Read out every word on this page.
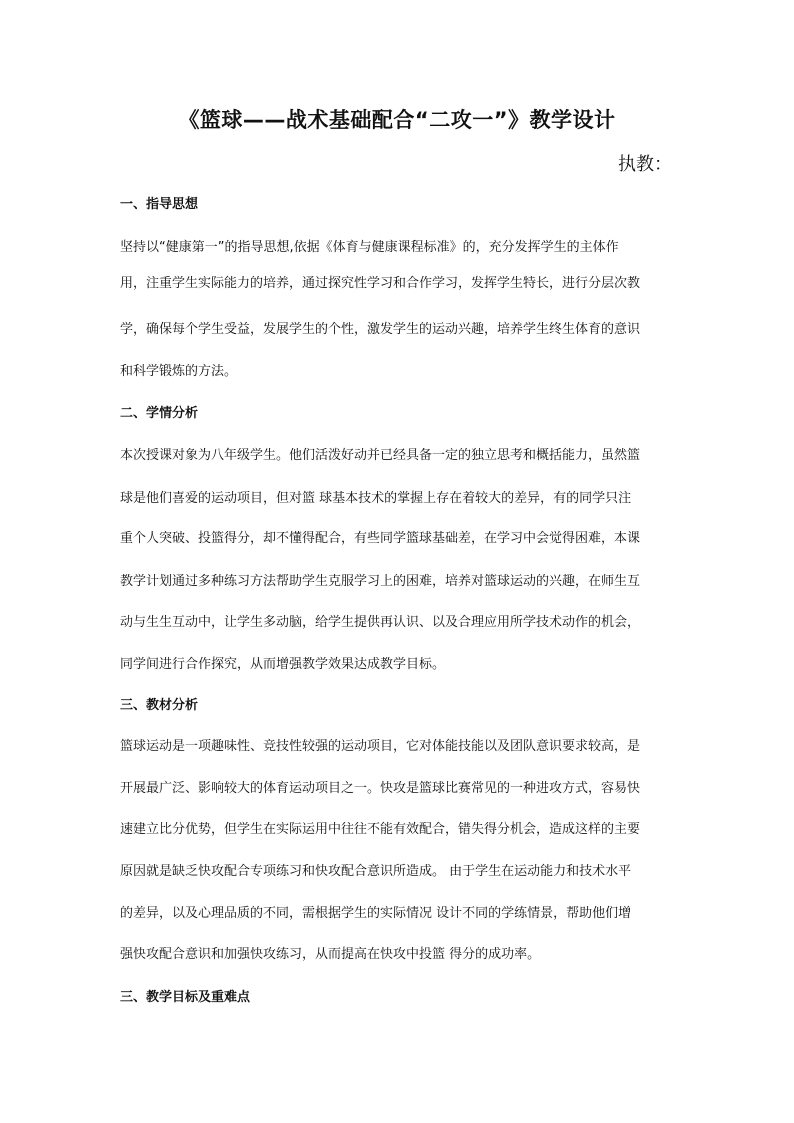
《篮球——战术基础配合“二攻一”》教学设计
执教：
一、指导思想
坚持以“健康第一”的指导思想,依据《体育与健康课程标准》的，充分发挥学生的主体作
用，注重学生实际能力的培养，通过探究性学习和合作学习，发挥学生特长，进行分层次教
学，确保每个学生受益，发展学生的个性，激发学生的运动兴趣，培养学生终生体育的意识
和科学锻炼的方法。
二、学情分析
本次授课对象为八年级学生。他们活泼好动并已经具备一定的独立思考和概括能力，虽然篮
球是他们喜爱的运动项目，但对篮 球基本技术的掌握上存在着较大的差异，有的同学只注
重个人突破、投篮得分，却不懂得配合，有些同学篮球基础差，在学习中会觉得困难，本课
教学计划通过多种练习方法帮助学生克服学习上的困难，培养对篮球运动的兴趣，在师生互
动与生生互动中，让学生多动脑，给学生提供再认识、以及合理应用所学技术动作的机会，
同学间进行合作探究，从而增强教学效果达成教学目标。
三、教材分析
篮球运动是一项趣味性、竞技性较强的运动项目，它对体能技能以及团队意识要求较高，是
开展最广泛、影响较大的体育运动项目之一。快攻是篮球比赛常见的一种进攻方式，容易快
速建立比分优势，但学生在实际运用中往往不能有效配合，错失得分机会，造成这样的主要
原因就是缺乏快攻配合专项练习和快攻配合意识所造成。 由于学生在运动能力和技术水平
的差异，以及心理品质的不同，需根据学生的实际情况 设计不同的学练情景，帮助他们增
强快攻配合意识和加强快攻练习，从而提高在快攻中投篮 得分的成功率。
三、教学目标及重难点
